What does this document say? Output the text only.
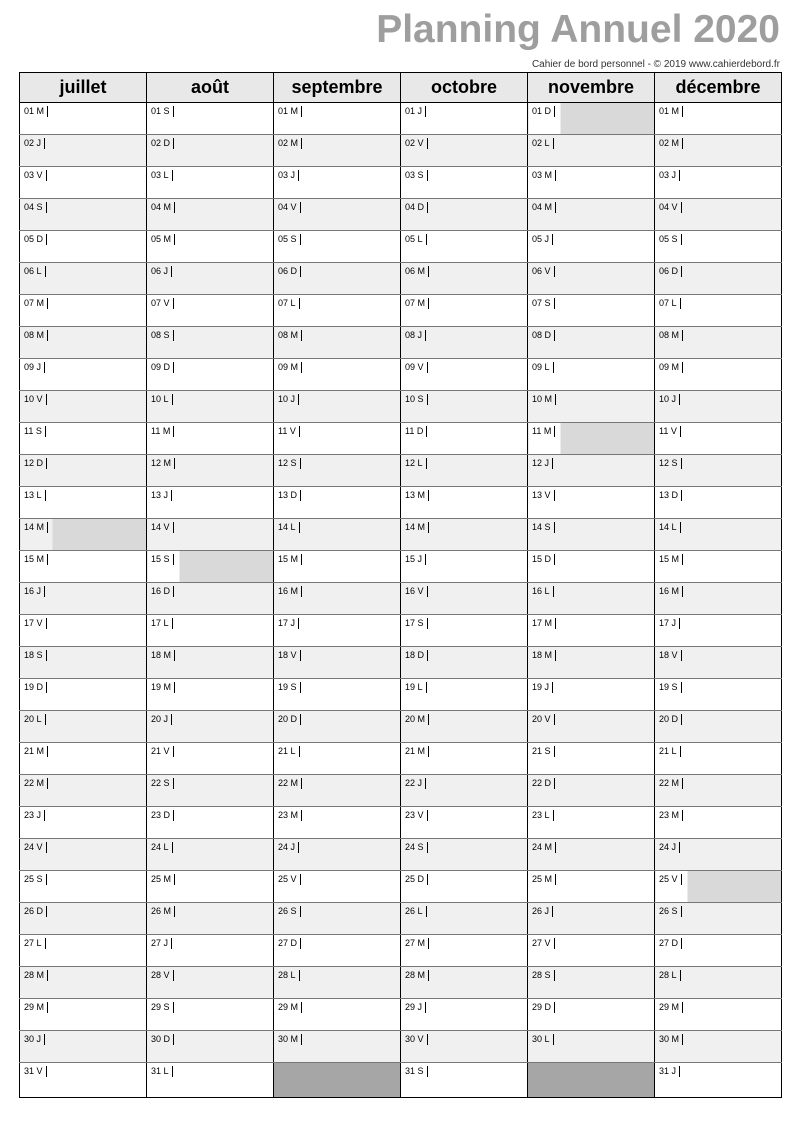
Planning Annuel 2020
Cahier de bord personnel - © 2019 www.cahierdebord.fr
juillet	août	septembre	octobre	novembre	décembre

01 M	01 S	01 M	01 J	01 D	01 M

02 J	02 D	02 M	02 V	02 L	02 M

03 V	03 L	03 J	03 S	03 M	03 J

04 S	04 M	04 V	04 D	04 M	04 V

05 D	05 M	05 S	05 L	05 J	05 S

06 L	06 J	06 D	06 M	06 V	06 D

07 M	07 V	07 L	07 M	07 S	07 L

08 M	08 S	08 M	08 J	08 D	08 M

09 J	09 D	09 M	09 V	09 L	09 M

10 V	10 L	10 J	10 S	10 M	10 J

11 S	11 M	11 V	11 D	11 M	11 V

12 D	12 M	12 S	12 L	12 J	12 S

13 L	13 J	13 D	13 M	13 V	13 D

14 M	14 V	14 L	14 M	14 S	14 L

15 M	15 S	15 M	15 J	15 D	15 M

16 J	16 D	16 M	16 V	16 L	16 M

17 V	17 L	17 J	17 S	17 M	17 J

18 S	18 M	18 V	18 D	18 M	18 V

19 D	19 M	19 S	19 L	19 J	19 S

20 L	20 J	20 D	20 M	20 V	20 D

21 M	21 V	21 L	21 M	21 S	21 L

22 M	22 S	22 M	22 J	22 D	22 M

23 J	23 D	23 M	23 V	23 L	23 M

24 V	24 L	24 J	24 S	24 M	24 J

25 S	25 M	25 V	25 D	25 M	25 V

26 D	26 M	26 S	26 L	26 J	26 S

27 L	27 J	27 D	27 M	27 V	27 D

28 M	28 V	28 L	28 M	28 S	28 L

29 M	29 S	29 M	29 J	29 D	29 M

30 J	30 D	30 M	30 V	30 L	30 M

31 V	31 L		31 S		31 J
